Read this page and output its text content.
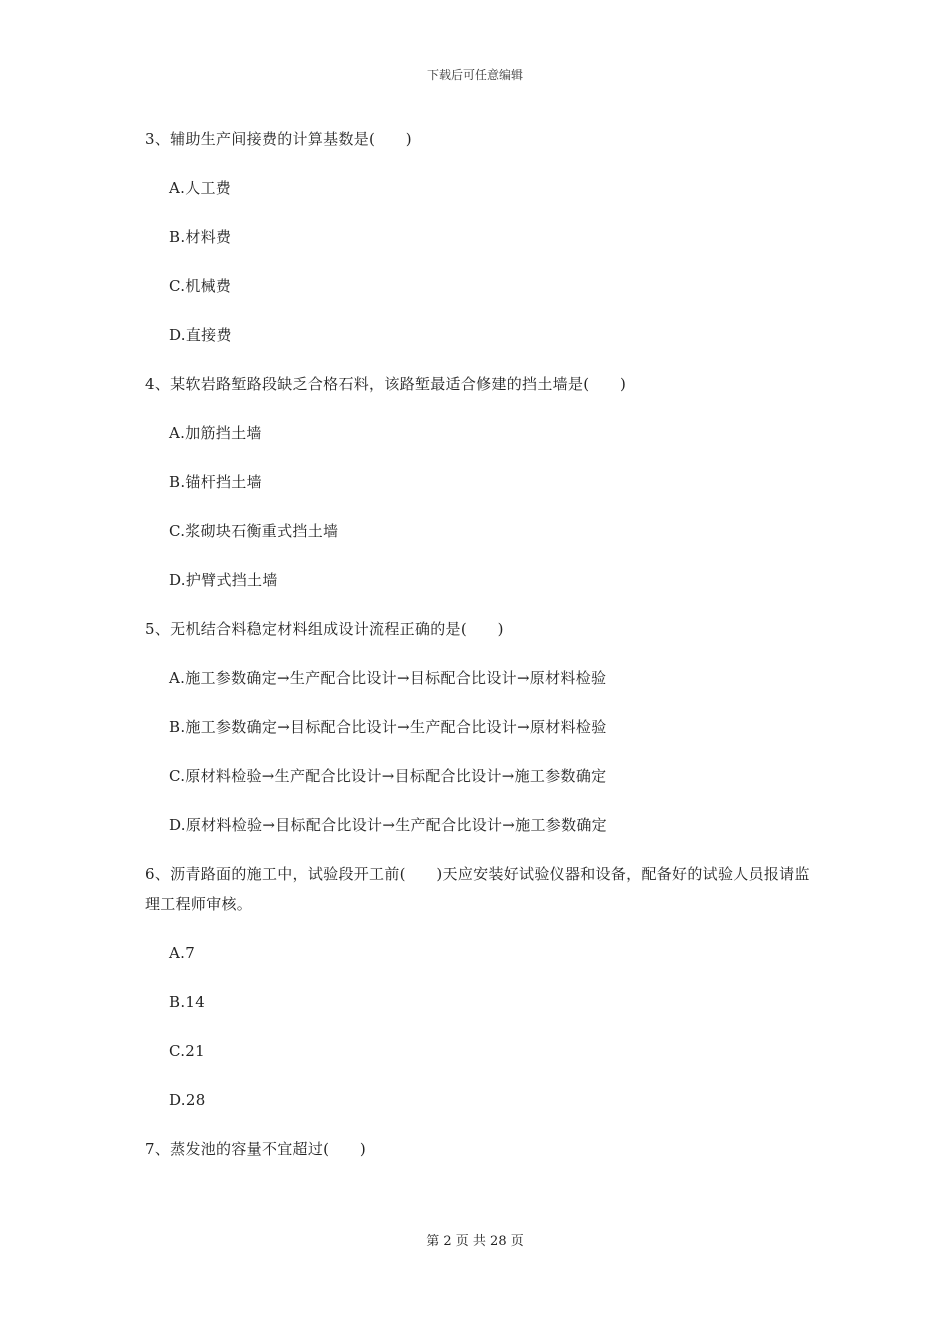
下载后可任意编辑
3、辅助生产间接费的计算基数是(　　)
A.人工费
B.材料费
C.机械费
D.直接费
4、某软岩路堑路段缺乏合格石料，该路堑最适合修建的挡土墙是(　　)
A.加筋挡土墙
B.锚杆挡土墙
C.浆砌块石衡重式挡土墙
D.护臂式挡土墙
5、无机结合料稳定材料组成设计流程正确的是(　　)
A.施工参数确定→生产配合比设计→目标配合比设计→原材料检验
B.施工参数确定→目标配合比设计→生产配合比设计→原材料检验
C.原材料检验→生产配合比设计→目标配合比设计→施工参数确定
D.原材料检验→目标配合比设计→生产配合比设计→施工参数确定
6、沥青路面的施工中，试验段开工前(　　)天应安装好试验仪器和设备，配备好的试验人员报请监理工程师审核。
A.7
B.14
C.21
D.28
7、蒸发池的容量不宜超过(　　)
第 2 页 共 28 页
